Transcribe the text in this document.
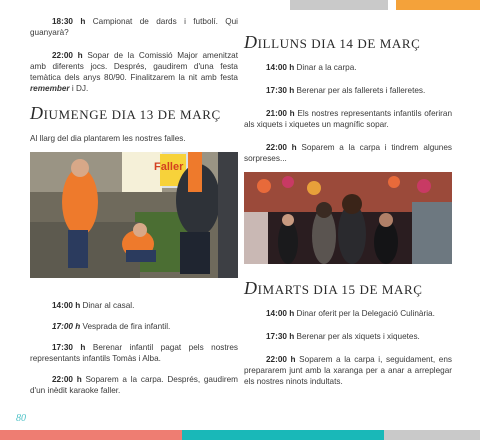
18:30 h Campionat de dards i futbolí. Qui guanyarà?

22:00 h Sopar de la Comissió Major amenitzat amb diferents jocs. Després, gaudirem d'una festa temàtica dels anys 80/90. Finalitzarem la nit amb festa remember i DJ.

DIUMENGE DIA 13 DE MARÇ

Al llarg del dia plantarem les nostres falles.

Faller

14:00 h Dinar al casal.

17:00 h Vesprada de fira infantil.

17:30 h Berenar infantil pagat pels nostres representants infantils Tomàs i Alba.

22:00 h Soparem a la carpa. Després, gaudirem d'un inèdit karaoke faller.

DILLUNS DIA 14 DE MARÇ

14:00 h Dinar a la carpa.

17:30 h Berenar per als fallerets i falleretes.

21:00 h Els nostres representants infantils oferiran als xiquets i xiquetes un magnífic sopar.

22:00 h Soparem a la carpa i tindrem algunes sorpreses...

DIMARTS DIA 15 DE MARÇ

14:00 h Dinar oferit per la Delegació Culinària.

17:30 h Berenar per als xiquets i xiquetes.

22:00 h Soparem a la carpa i, seguidament, ens prepararem junt amb la xaranga per a anar a arreplegar els nostres ninots indultats.

80
